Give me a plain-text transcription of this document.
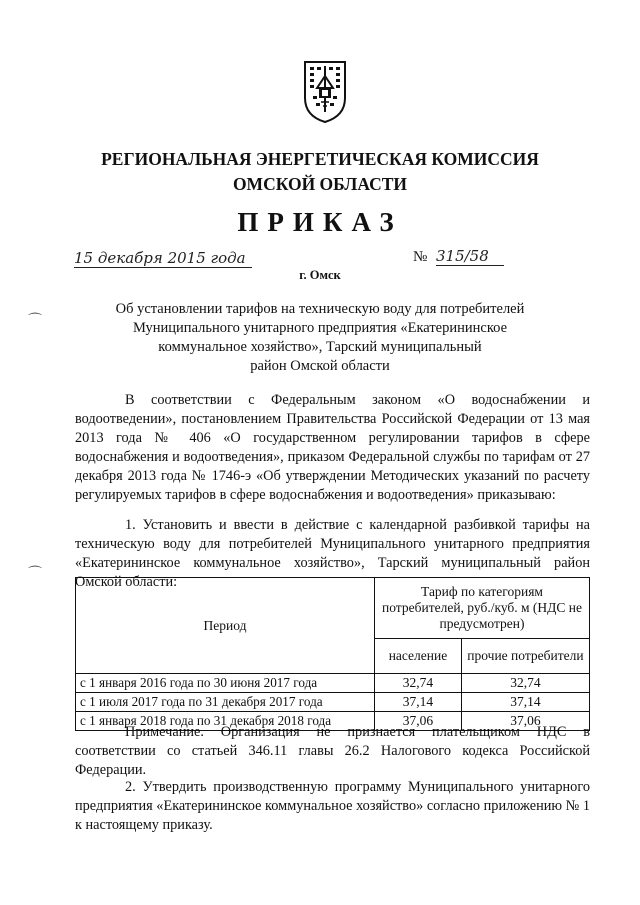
РЕГИОНАЛЬНАЯ ЭНЕРГЕТИЧЕСКАЯ КОМИССИЯ
ОМСКОЙ ОБЛАСТИ
ПРИКАЗ
15 декабря 2015 года	№ 315/58
г. Омск
⌒
⌒
Об установлении тарифов на техническую воду для потребителей
Муниципального унитарного предприятия «Екатерининское
коммунальное хозяйство», Тарский муниципальный
район Омской области
В соответствии с Федеральным законом «О водоснабжении и водоотведении», постановлением Правительства Российской Федерации от 13 мая 2013 года № 406 «О государственном регулировании тарифов в сфере водоснабжения и водоотведения», приказом Федеральной службы по тарифам от 27 декабря 2013 года № 1746-э «Об утверждении Методических указаний по расчету регулируемых тарифов в сфере водоснабжения и водоотведения» приказываю:
1. Установить и ввести в действие с календарной разбивкой тарифы на техническую воду для потребителей Муниципального унитарного предприятия «Екатерининское коммунальное хозяйство», Тарский муниципальный район Омской области:
Период	Тариф по категориям потребителей, руб./куб. м (НДС не предусмотрен)	
	население	прочие потребители
с 1 января 2016 года по 30 июня 2017 года	32,74	32,74
с 1 июля 2017 года по 31 декабря 2017 года	37,14	37,14
с 1 января 2018 года по 31 декабря 2018 года	37,06	37,06
Примечание. Организация не признается плательщиком НДС в соответствии со статьей 346.11 главы 26.2 Налогового кодекса Российской Федерации.
2. Утвердить производственную программу Муниципального унитарного предприятия «Екатерининское коммунальное хозяйство» согласно приложению № 1 к настоящему приказу.
